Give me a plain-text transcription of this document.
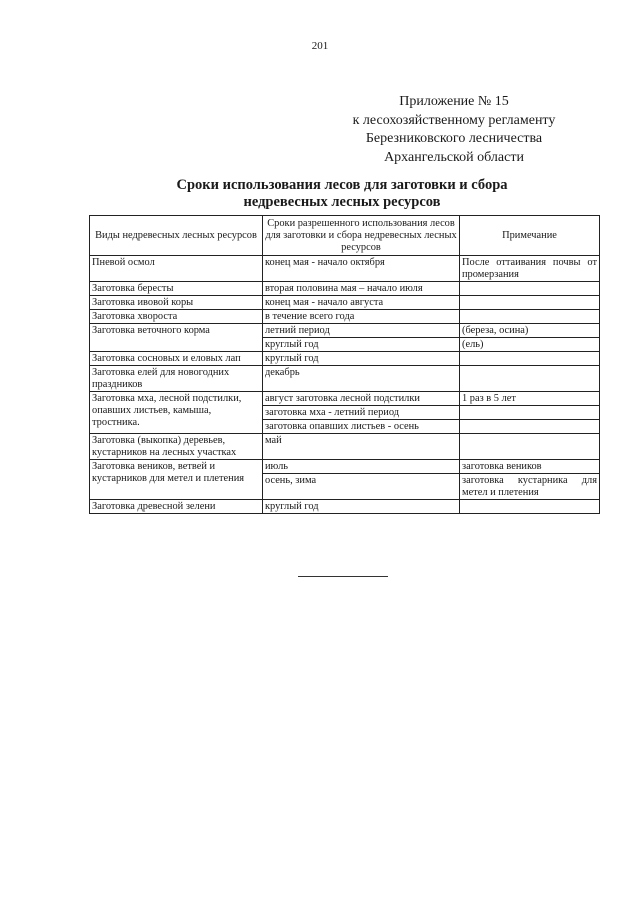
201
Приложение № 15
к лесохозяйственному регламенту
Березниковского лесничества
Архангельской области
Сроки использования лесов для заготовки и сбора
недревесных лесных ресурсов
Виды недревесных лесных ресурсов	Сроки разрешенного использования лесов для заготовки и сбора недревесных лесных ресурсов	Примечание
Пневой осмол	конец мая - начало октября	После оттаивания почвы от промерзания
Заготовка бересты	вторая половина мая – начало июля	
Заготовка ивовой коры	конец мая - начало августа	
Заготовка хвороста	в течение всего года	
Заготовка веточного корма	летний период	(береза, осина)
	круглый год	(ель)
Заготовка сосновых и еловых лап	круглый год	
Заготовка елей для новогодних праздников	декабрь	
Заготовка мха, лесной подстилки, опавших листьев, камыша, тростника.	август заготовка лесной подстилки	1 раз в 5 лет
	заготовка мха - летний период	
	заготовка опавших листьев - осень	
Заготовка (выкопка) деревьев, кустарников на лесных участках	май	
Заготовка веников, ветвей и кустарников для метел и плетения	июль	заготовка веников
	осень, зима	заготовка кустарника для метел и плетения
Заготовка древесной зелени	круглый год	
